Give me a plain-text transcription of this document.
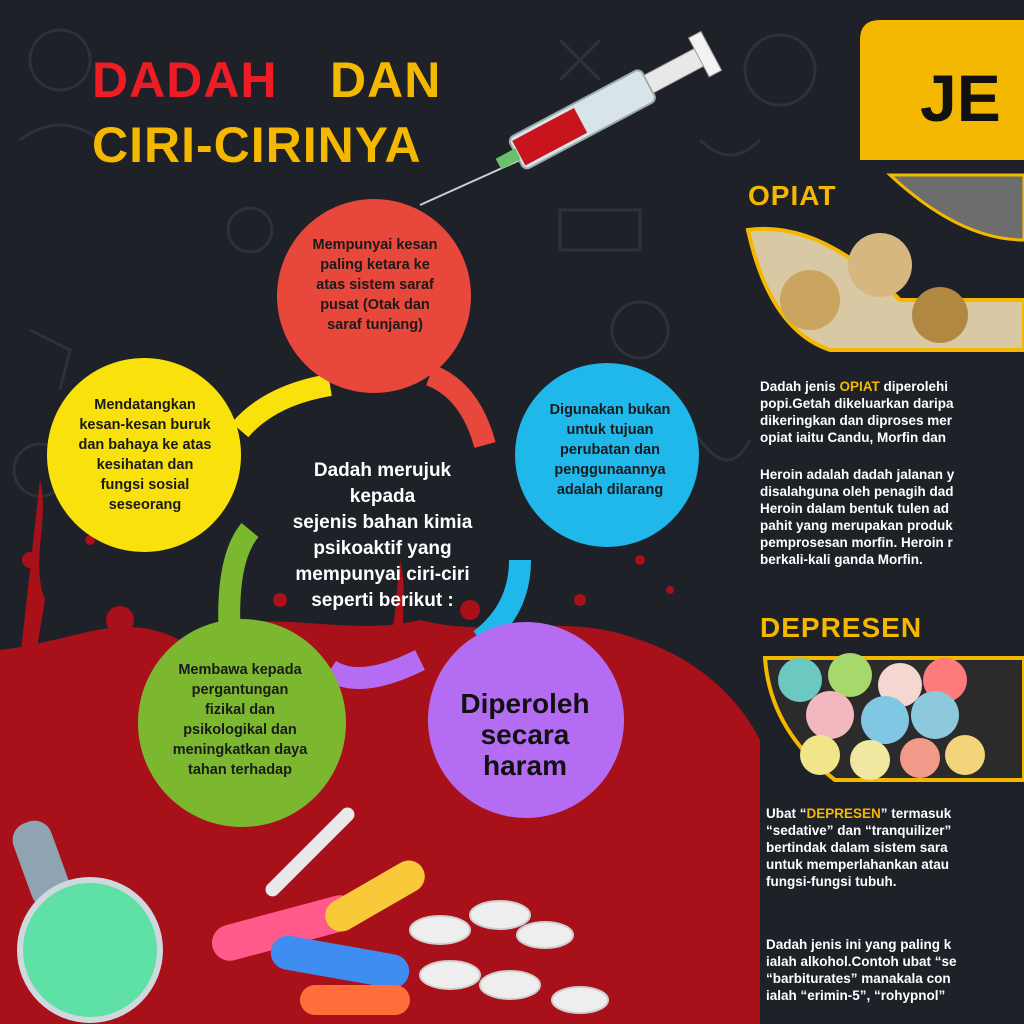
DADAH DAN
CIRI-CIRINYA
Mempunyai kesan
paling ketara ke
atas sistem saraf
pusat (Otak dan
saraf tunjang)
Digunakan bukan
untuk tujuan
perubatan dan
penggunaannya
adalah dilarang
Diperoleh
secara
haram
Membawa kepada
pergantungan
fizikal dan
psikologikal dan
meningkatkan daya
tahan terhadap
Mendatangkan
kesan-kesan buruk
dan bahaya ke atas
kesihatan dan
fungsi sosial
seseorang
Dadah merujuk
kepada
sejenis bahan kimia
psikoaktif yang
mempunyai ciri-ciri
seperti berikut :
JE
OPIAT
Dadah jenis OPIAT diperolehi
popi.Getah dikeluarkan daripa
dikeringkan dan diproses mer
opiat iaitu Candu, Morfin dan
Heroin adalah dadah jalanan y
disalahguna oleh penagih dad
Heroin dalam bentuk tulen ad
pahit yang merupakan produk
pemprosesan morfin. Heroin r
berkali-kali ganda Morfin.
DEPRESEN
Ubat “DEPRESEN” termasuk
“sedative” dan “tranquilizer”
bertindak dalam sistem sara
untuk memperlahankan atau
fungsi-fungsi tubuh.
Dadah jenis ini yang paling k
ialah alkohol.Contoh ubat “se
“barbiturates” manakala con
ialah “erimin-5”, “rohypnol”
